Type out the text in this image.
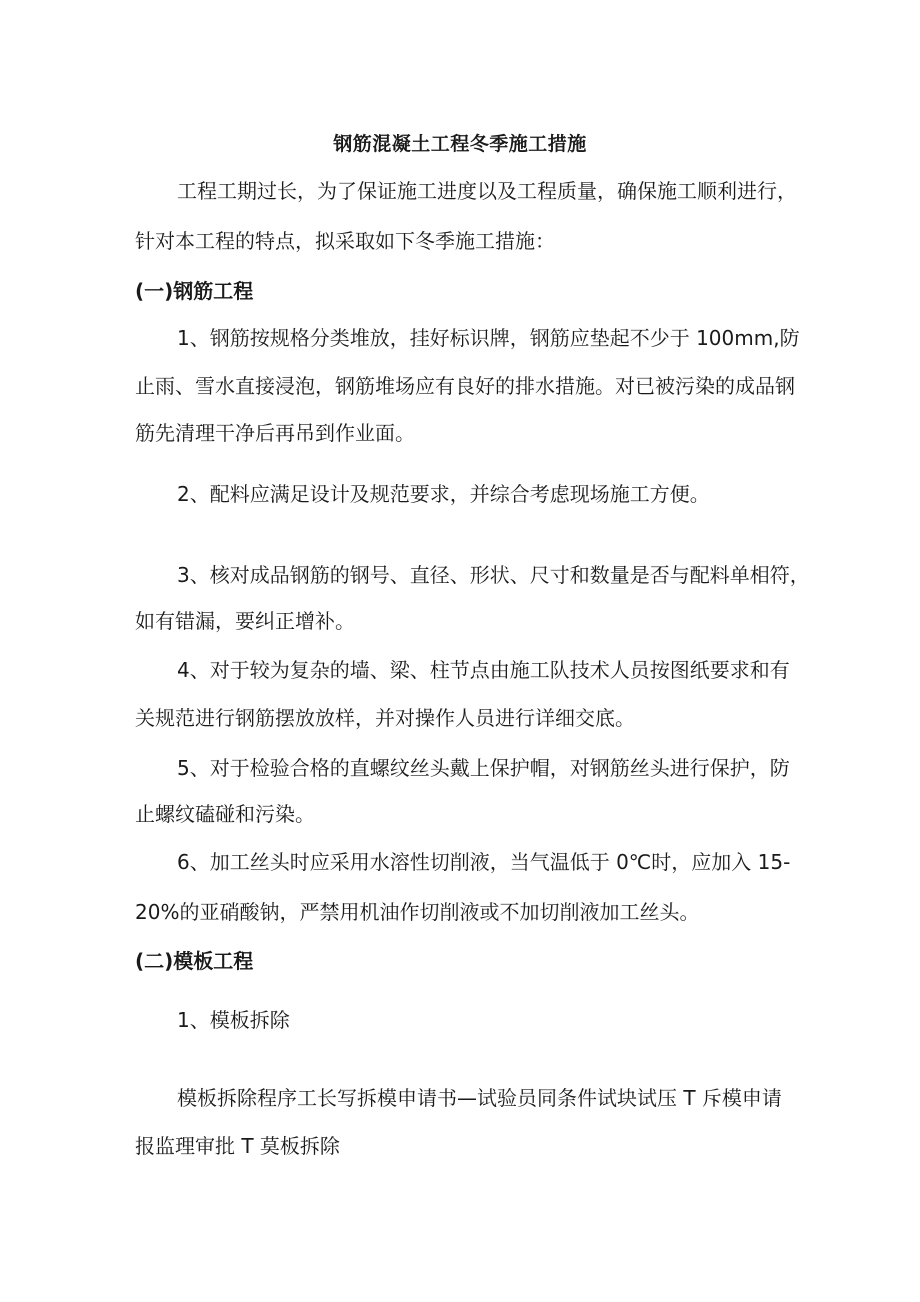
钢筋混凝土工程冬季施工措施
工程工期过长，为了保证施工进度以及工程质量，确保施工顺利进行，
针对本工程的特点，拟采取如下冬季施工措施：
(一)钢筋工程
1、钢筋按规格分类堆放，挂好标识牌，钢筋应垫起不少于 100mm,防
止雨、雪水直接浸泡，钢筋堆场应有良好的排水措施。对已被污染的成品钢
筋先清理干净后再吊到作业面。
2、配料应满足设计及规范要求，并综合考虑现场施工方便。
3、核对成品钢筋的钢号、直径、形状、尺寸和数量是否与配料单相符，
如有错漏，要纠正增补。
4、对于较为复杂的墙、梁、柱节点由施工队技术人员按图纸要求和有
关规范进行钢筋摆放放样，并对操作人员进行详细交底。
5、对于检验合格的直螺纹丝头戴上保护帽，对钢筋丝头进行保护，防
止螺纹磕碰和污染。
6、加工丝头时应采用水溶性切削液，当气温低于 0℃时，应加入 15-
20%的亚硝酸钠，严禁用机油作切削液或不加切削液加工丝头。
(二)模板工程
1、模板拆除
模板拆除程序工长写拆模申请书—试验员同条件试块试压 T 斥模申请
报监理审批 T 莫板拆除
